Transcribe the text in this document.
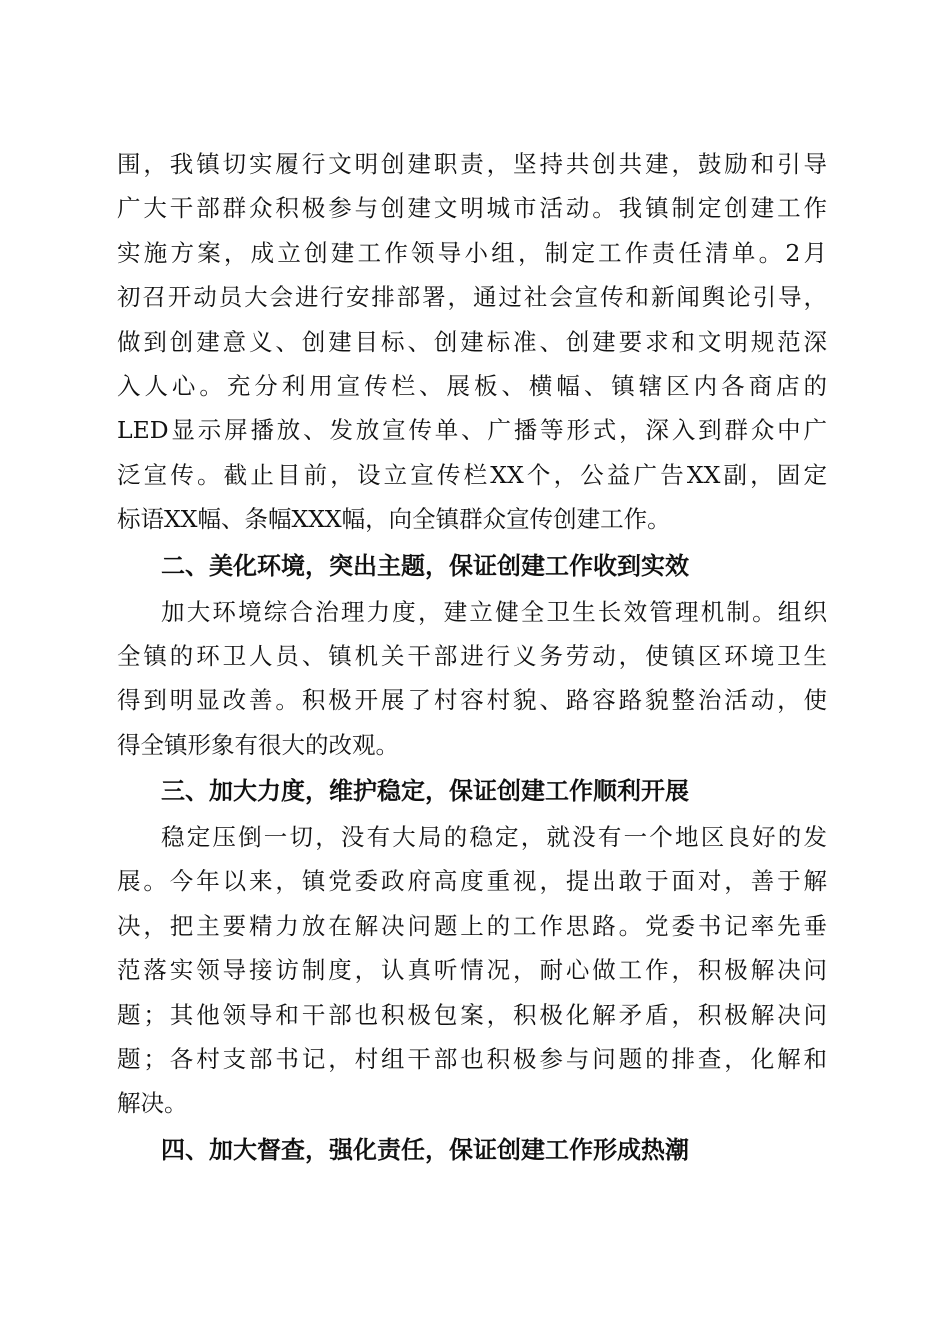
围，我镇切实履行文明创建职责，坚持共创共建，鼓励和引导
广大干部群众积极参与创建文明城市活动。我镇制定创建工作
实施方案，成立创建工作领导小组，制定工作责任清单。2月
初召开动员大会进行安排部署，通过社会宣传和新闻舆论引导，
做到创建意义、创建目标、创建标准、创建要求和文明规范深
入人心。充分利用宣传栏、展板、横幅、镇辖区内各商店的
LED显示屏播放、发放宣传单、广播等形式，深入到群众中广
泛宣传。截止目前，设立宣传栏XX个，公益广告XX副，固定
标语XX幅、条幅XXX幅，向全镇群众宣传创建工作。
二、美化环境，突出主题，保证创建工作收到实效
加大环境综合治理力度，建立健全卫生长效管理机制。组织
全镇的环卫人员、镇机关干部进行义务劳动，使镇区环境卫生
得到明显改善。积极开展了村容村貌、路容路貌整治活动，使
得全镇形象有很大的改观。
三、加大力度，维护稳定，保证创建工作顺利开展
稳定压倒一切，没有大局的稳定，就没有一个地区良好的发
展。今年以来，镇党委政府高度重视，提出敢于面对，善于解
决，把主要精力放在解决问题上的工作思路。党委书记率先垂
范落实领导接访制度，认真听情况，耐心做工作，积极解决问
题；其他领导和干部也积极包案，积极化解矛盾，积极解决问
题；各村支部书记，村组干部也积极参与问题的排查，化解和
解决。
四、加大督查，强化责任，保证创建工作形成热潮
